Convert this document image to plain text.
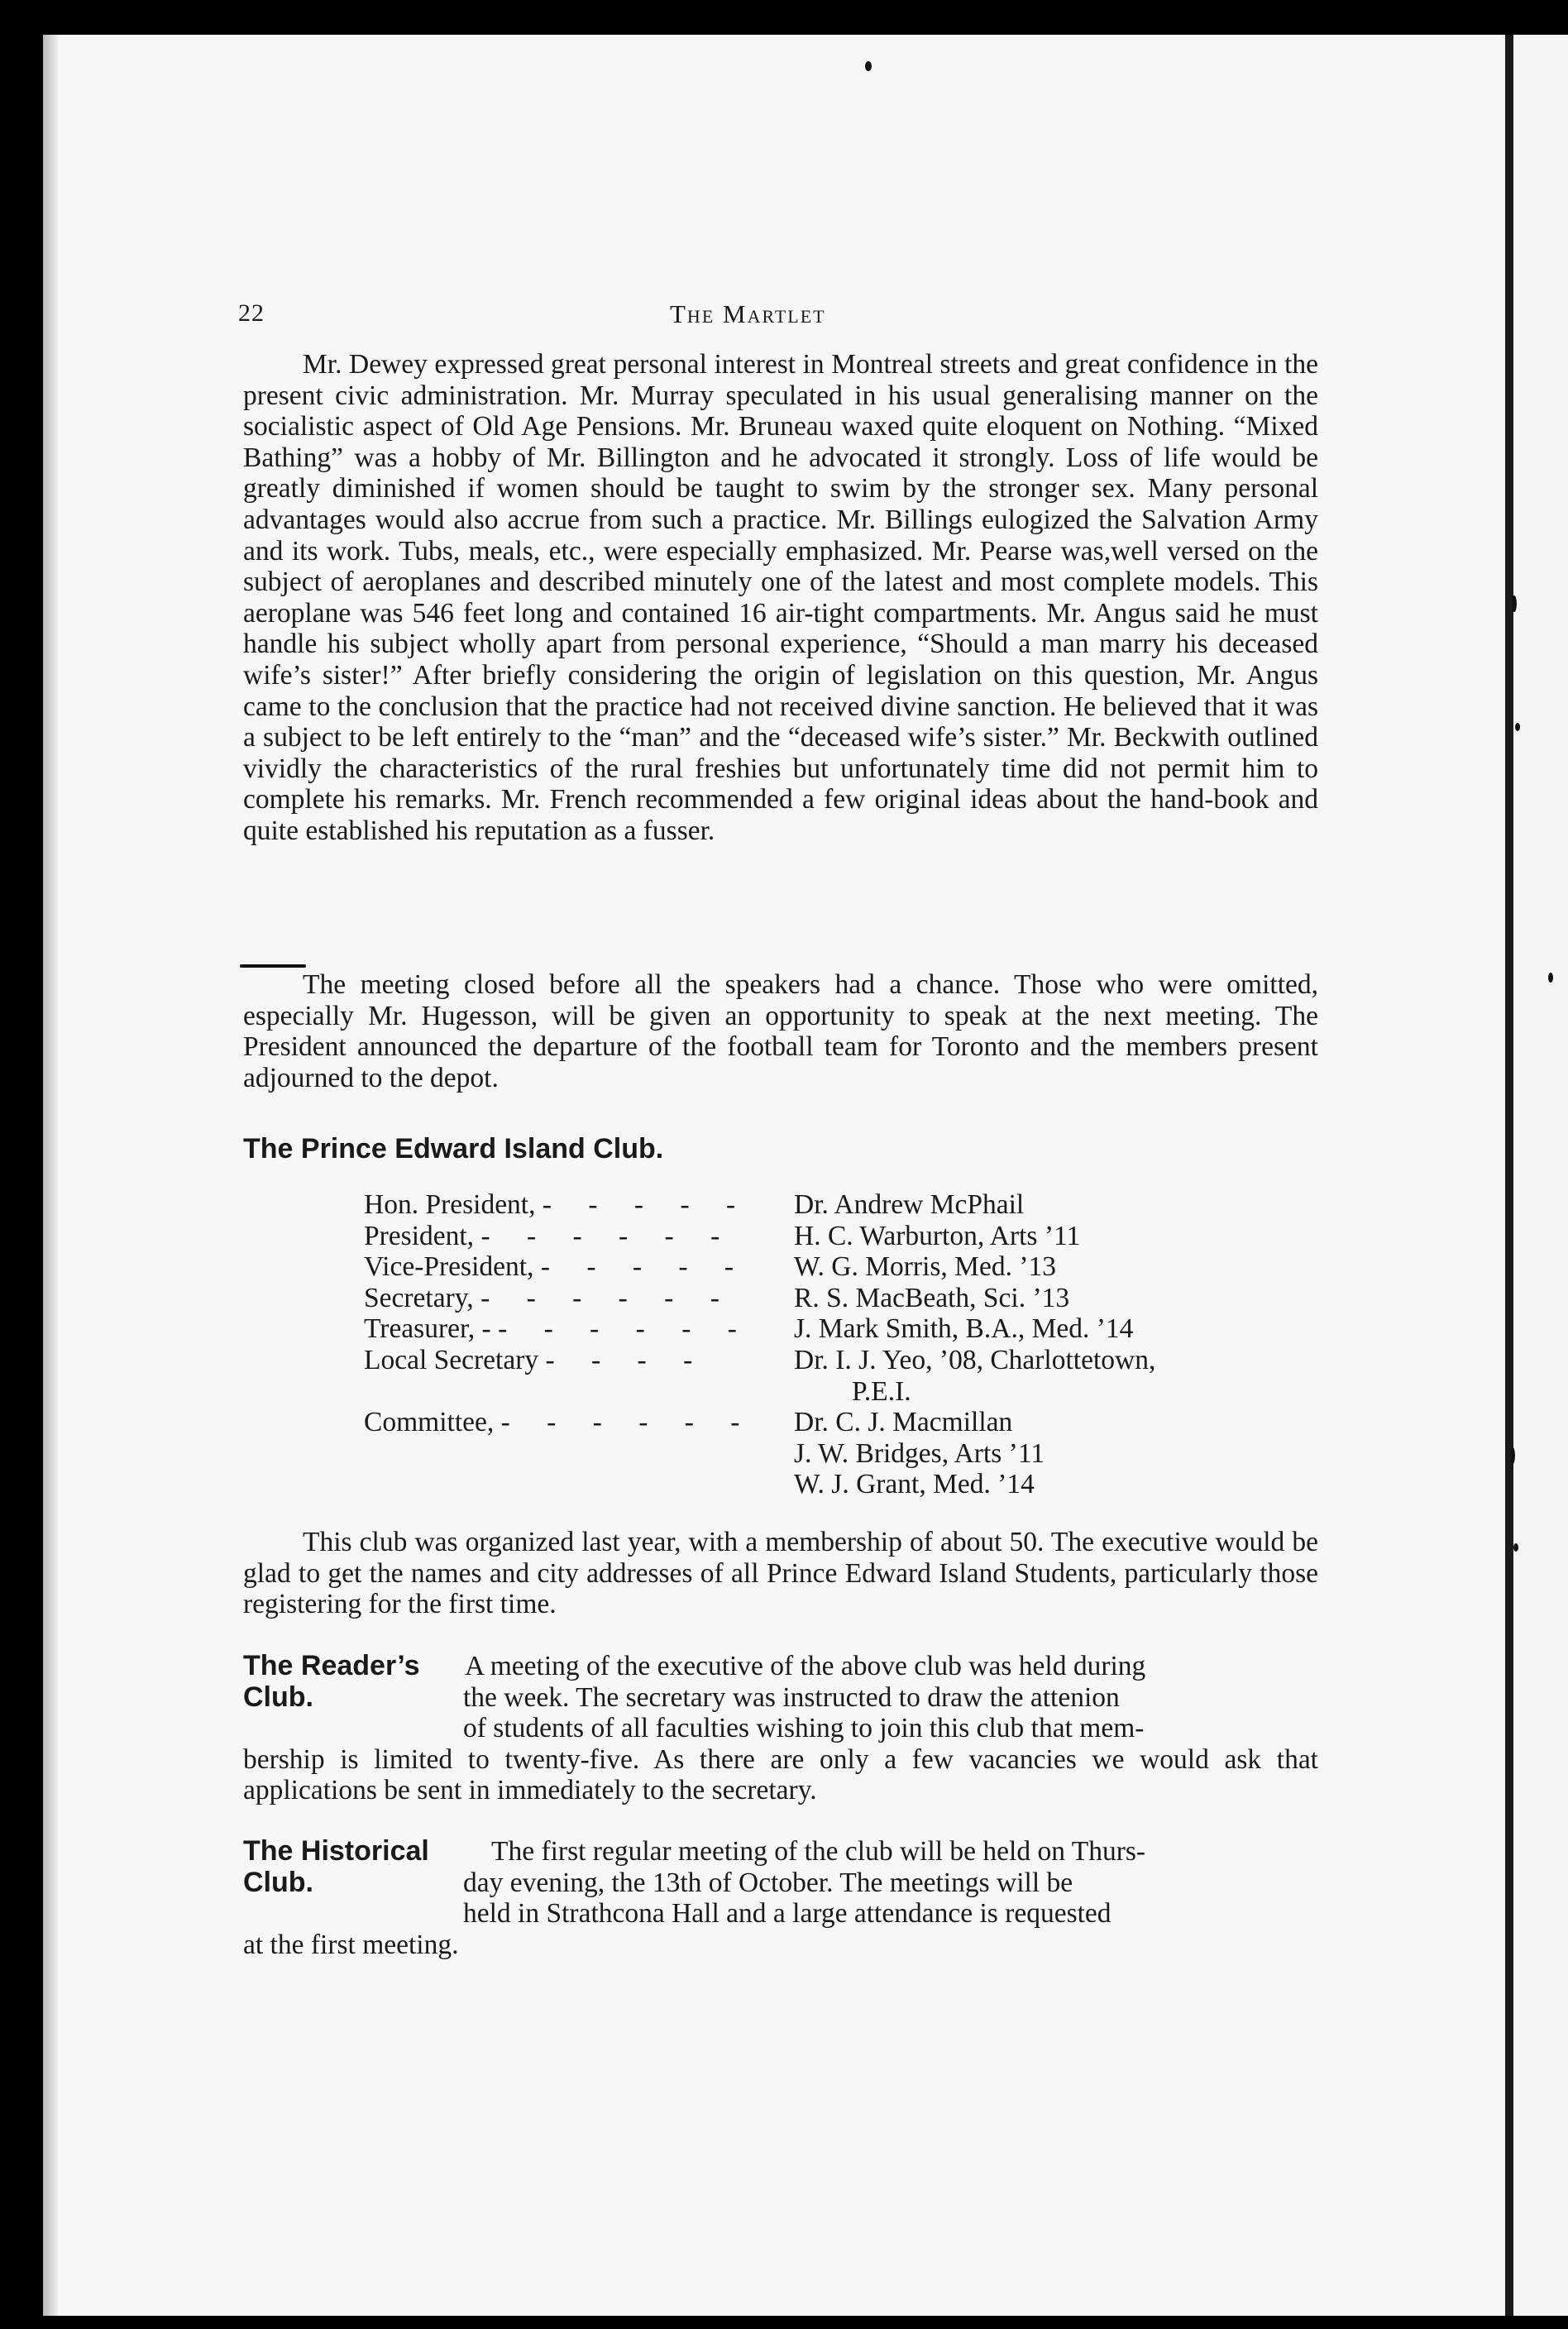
22	The Martlet

Mr. Dewey expressed great personal interest in Montreal streets and great confidence in the present civic administration. Mr. Murray speculated in his usual generalising manner on the socialistic aspect of Old Age Pensions. Mr. Bruneau waxed quite eloquent on Nothing. “Mixed Bathing” was a hobby of Mr. Billington and he advocated it strongly. Loss of life would be greatly diminished if women should be taught to swim by the stronger sex. Many personal advantages would also accrue from such a practice. Mr. Billings eulogized the Salvation Army and its work. Tubs, meals, etc., were especially emphasized. Mr. Pearse was,well versed on the subject of aeroplanes and described minutely one of the latest and most complete models. This aeroplane was 546 feet long and contained 16 air-tight compartments. Mr. Angus said he must handle his subject wholly apart from personal experience, “Should a man marry his deceased wife’s sister!” After briefly considering the origin of legislation on this question, Mr. Angus came to the conclusion that the practice had not received divine sanction. He believed that it was a subject to be left entirely to the “man” and the “deceased wife’s sister.” Mr. Beckwith outlined vividly the characteristics of the rural freshies but unfortunately time did not permit him to complete his remarks. Mr. French recommended a few original ideas about the hand-book and quite established his reputation as a fusser.

The meeting closed before all the speakers had a chance. Those who were omitted, especially Mr. Hugesson, will be given an opportunity to speak at the next meeting. The President announced the departure of the football team for Toronto and the members present adjourned to the depot.

The Prince Edward Island Club.
Hon. President, - - - - -	Dr. Andrew McPhail
President, - - - - - -	H. C. Warburton, Arts ’11
Vice-President, - - - - -	W. G. Morris, Med. ’13
Secretary, - - - - - -	R. S. MacBeath, Sci. ’13
Treasurer, - - - - - - -	J. Mark Smith, B.A., Med. ’14
Local Secretary - - - -	Dr. I. J. Yeo, ’08, Charlottetown,
P.E.I.
Committee, - - - - - -	Dr. C. J. Macmillan
J. W. Bridges, Arts ’11
W. J. Grant, Med. ’14

This club was organized last year, with a membership of about 50. The executive would be glad to get the names and city addresses of all Prince Edward Island Students, particularly those registering for the first time.

The Reader’s
Club.
A meeting of the executive of the above club was held during
the week. The secretary was instructed to draw the attenion
of students of all faculties wishing to join this club that mem-
bership is limited to twenty-five. As there are only a few vacancies we would ask that applications be sent in immediately to the secretary.
The Historical
Club.
The first regular meeting of the club will be held on Thurs-
day evening, the 13th of October. The meetings will be
held in Strathcona Hall and a large attendance is requested
at the first meeting.
